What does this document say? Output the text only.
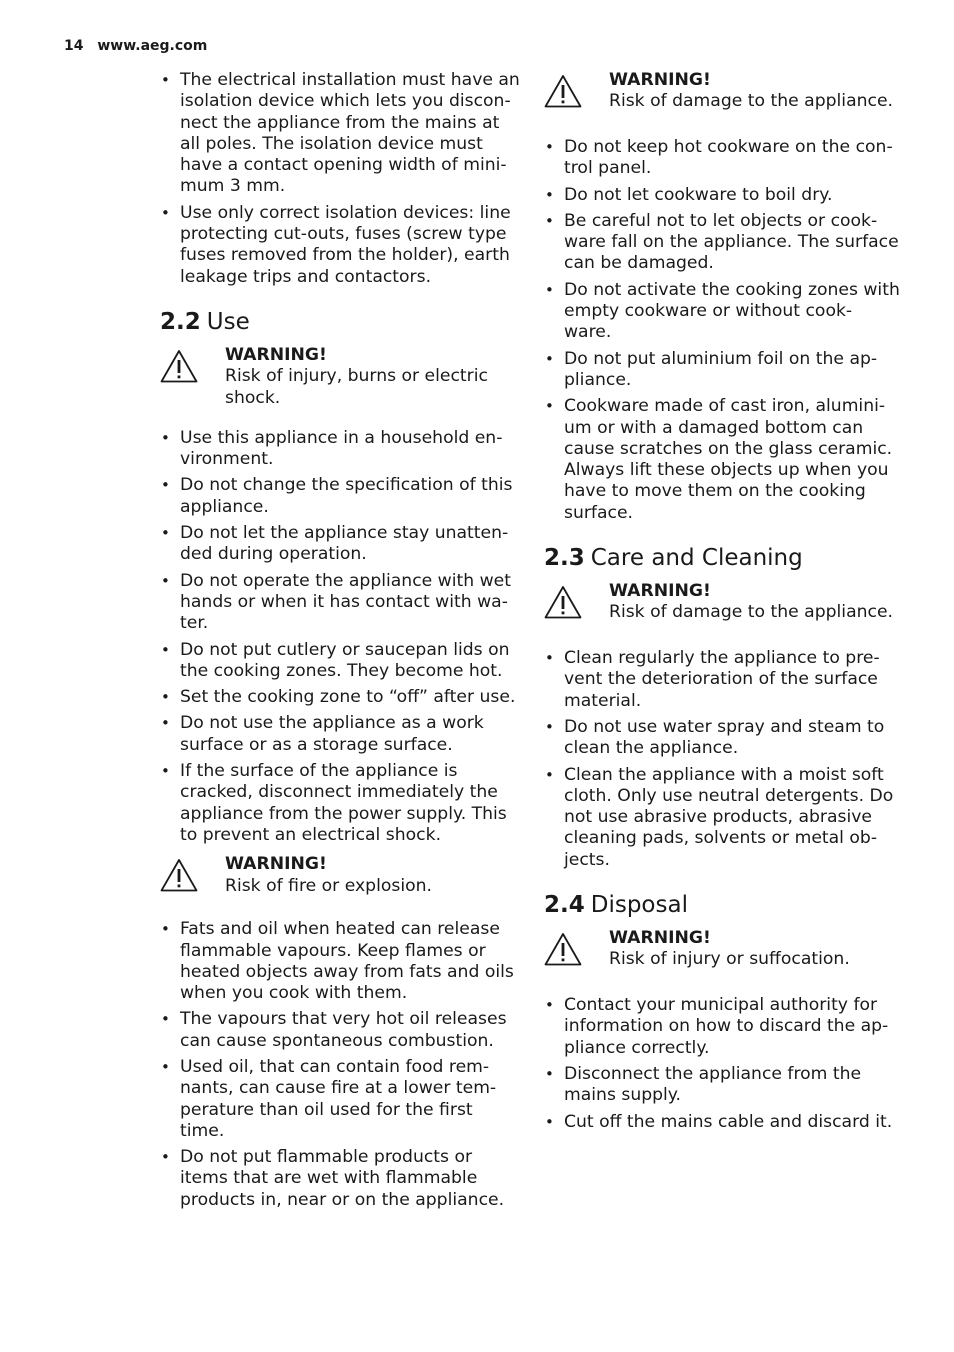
14 www.aeg.com
• The electrical installation must have an isolation device which lets you discon- nect the appliance from the mains at all poles. The isolation device must have a contact opening width of mini- mum 3 mm.
• Use only correct isolation devices: line protecting cut-outs, fuses (screw type fuses removed from the holder), earth leakage trips and contactors.
2.2 Use
WARNING!
Risk of injury, burns or electric shock.
• Use this appliance in a household en- vironment.
• Do not change the specification of this appliance.
• Do not let the appliance stay unatten- ded during operation.
• Do not operate the appliance with wet hands or when it has contact with wa- ter.
• Do not put cutlery or saucepan lids on the cooking zones. They become hot.
• Set the cooking zone to “off” after use.
• Do not use the appliance as a work surface or as a storage surface.
• If the surface of the appliance is cracked, disconnect immediately the appliance from the power supply. This to prevent an electrical shock.
WARNING!
Risk of fire or explosion.
• Fats and oil when heated can release flammable vapours. Keep flames or heated objects away from fats and oils when you cook with them.
• The vapours that very hot oil releases can cause spontaneous combustion.
• Used oil, that can contain food rem- nants, can cause fire at a lower tem- perature than oil used for the first time.
• Do not put flammable products or items that are wet with flammable products in, near or on the appliance.
WARNING!
Risk of damage to the appliance.
• Do not keep hot cookware on the con- trol panel.
• Do not let cookware to boil dry.
• Be careful not to let objects or cook- ware fall on the appliance. The surface can be damaged.
• Do not activate the cooking zones with empty cookware or without cook- ware.
• Do not put aluminium foil on the ap- pliance.
• Cookware made of cast iron, alumini- um or with a damaged bottom can cause scratches on the glass ceramic. Always lift these objects up when you have to move them on the cooking surface.
2.3 Care and Cleaning
WARNING!
Risk of damage to the appliance.
• Clean regularly the appliance to pre- vent the deterioration of the surface material.
• Do not use water spray and steam to clean the appliance.
• Clean the appliance with a moist soft cloth. Only use neutral detergents. Do not use abrasive products, abrasive cleaning pads, solvents or metal ob- jects.
2.4 Disposal
WARNING!
Risk of injury or suffocation.
• Contact your municipal authority for information on how to discard the ap- pliance correctly.
• Disconnect the appliance from the mains supply.
• Cut off the mains cable and discard it.
